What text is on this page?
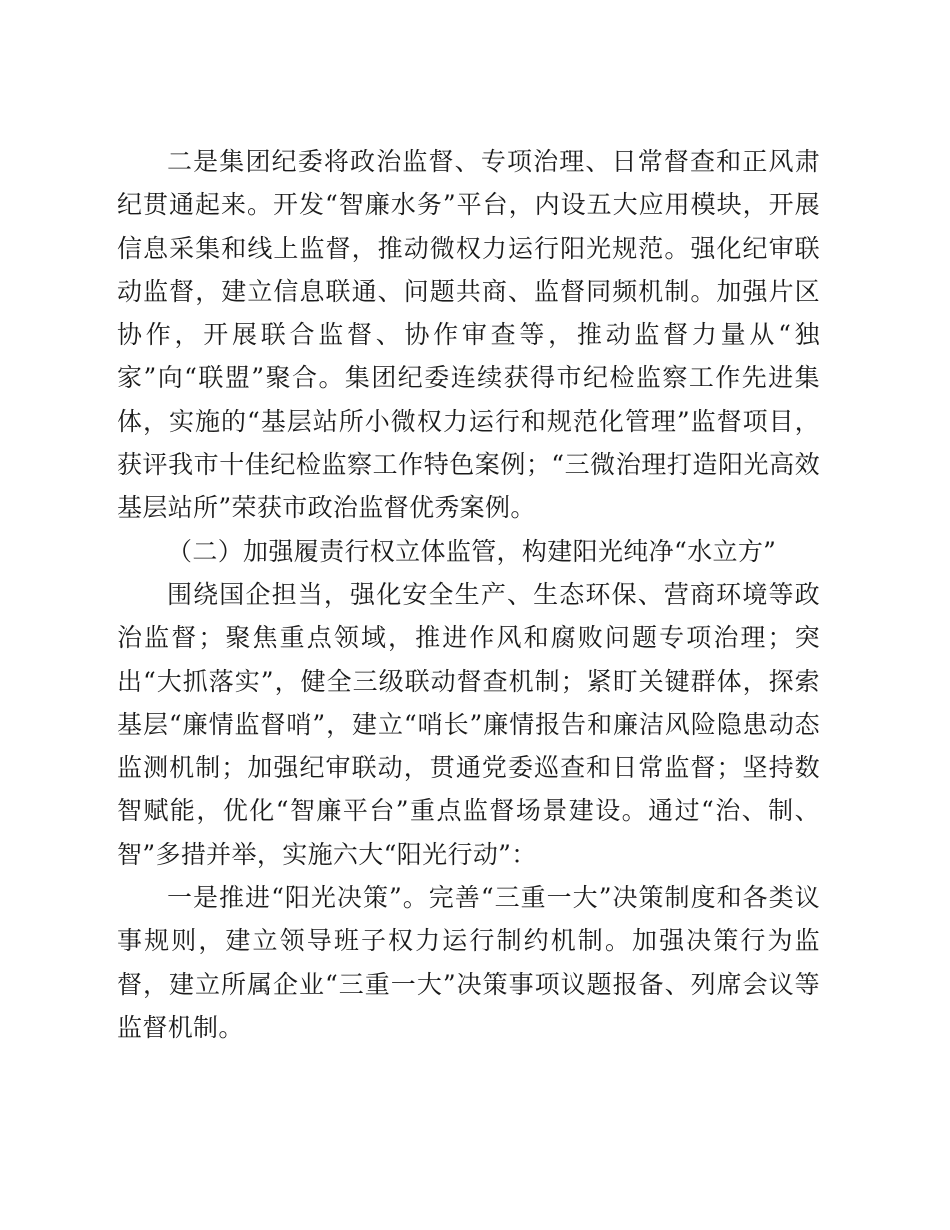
二是集团纪委将政治监督、专项治理、日常督查和正风肃纪贯通起来。开发“智廉水务”平台，内设五大应用模块，开展信息采集和线上监督，推动微权力运行阳光规范。强化纪审联动监督，建立信息联通、问题共商、监督同频机制。加强片区协作，开展联合监督、协作审查等，推动监督力量从“独家”向“联盟”聚合。集团纪委连续获得市纪检监察工作先进集体，实施的“基层站所小微权力运行和规范化管理”监督项目，获评我市十佳纪检监察工作特色案例；“三微治理打造阳光高效基层站所”荣获市政治监督优秀案例。

（二）加强履责行权立体监管，构建阳光纯净“水立方”

围绕国企担当，强化安全生产、生态环保、营商环境等政治监督；聚焦重点领域，推进作风和腐败问题专项治理；突出“大抓落实”，健全三级联动督查机制；紧盯关键群体，探索基层“廉情监督哨”，建立“哨长”廉情报告和廉洁风险隐患动态监测机制；加强纪审联动，贯通党委巡查和日常监督；坚持数智赋能，优化“智廉平台”重点监督场景建设。通过“治、制、智”多措并举，实施六大“阳光行动”：

一是推进“阳光决策”。完善“三重一大”决策制度和各类议事规则，建立领导班子权力运行制约机制。加强决策行为监督，建立所属企业“三重一大”决策事项议题报备、列席会议等监督机制。
